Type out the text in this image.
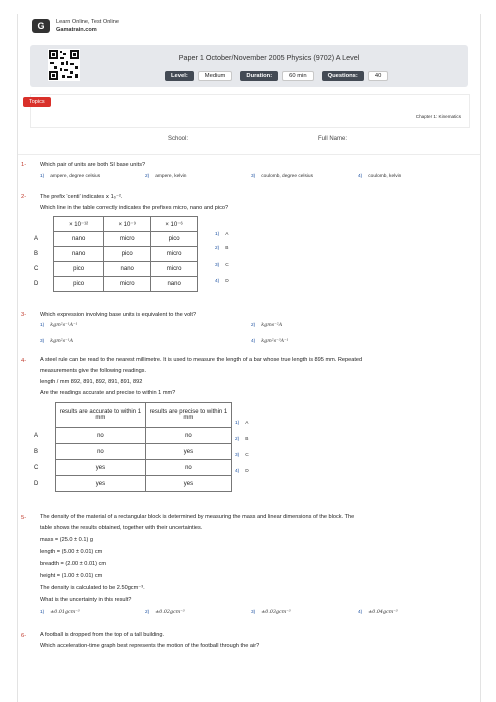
G	Learn Online, Test Online
Gamatrain.com
Paper 1 October/November 2005 Physics (9702) A Level
Level:	Medium	Duration:	60 min	Questions:	40
Topics
Chapter 1: Kinematics
School:	Full Name:
1- Which pair of units are both SI base units?
1) ampere, degree celsius	2) ampere, kelvin	3) coulomb, degree celsius	4) coulomb, kelvin
2- The prefix ‘centi’ indicates 𝗑 1₀⁻².
Which line in the table correctly indicates the prefixes micro, nano and pico?
	× 10⁻¹²	× 10⁻⁹	× 10⁻⁶
A	nano	micro	pico
B	nano	pico	micro
C	pico	nano	micro
D	pico	micro	nano
1) A
2) B
3) C
4) D
3- Which expression involving base units is equivalent to the volt?
1) kgm²s⁻¹A⁻¹	2) kgms⁻²A
3) kgm²s⁻¹A	4) kgm²s⁻³A⁻¹
4- A steel rule can be read to the nearest millimetre. It is used to measure the length of a bar whose true length is 895 mm. Repeated
measurements give the following readings.
length / mm 892, 891, 892, 891, 891, 892
Are the readings accurate and precise to within 1 mm?
	results are accurate to within 1 mm	results are precise to within 1 mm
A	no	no
B	no	yes
C	yes	no
D	yes	yes
1) A
2) B
3) C
4) D
5- The density of the material of a rectangular block is determined by measuring the mass and linear dimensions of the block. The
table shows the results obtained, together with their uncertainties.
mass = (25.0 ± 0.1) g
length = (5.00 ± 0.01) cm
breadth = (2.00 ± 0.01) cm
height = (1.00 ± 0.01) cm
The density is calculated to be 2.50gcm⁻³.
What is the uncertainty in this result?
1) ±0.01gcm⁻³	2) ±0.02gcm⁻³	3) ±0.03gcm⁻³	4) ±0.04gcm⁻³
6- A football is dropped from the top of a tall building.
Which acceleration-time graph best represents the motion of the football through the air?
